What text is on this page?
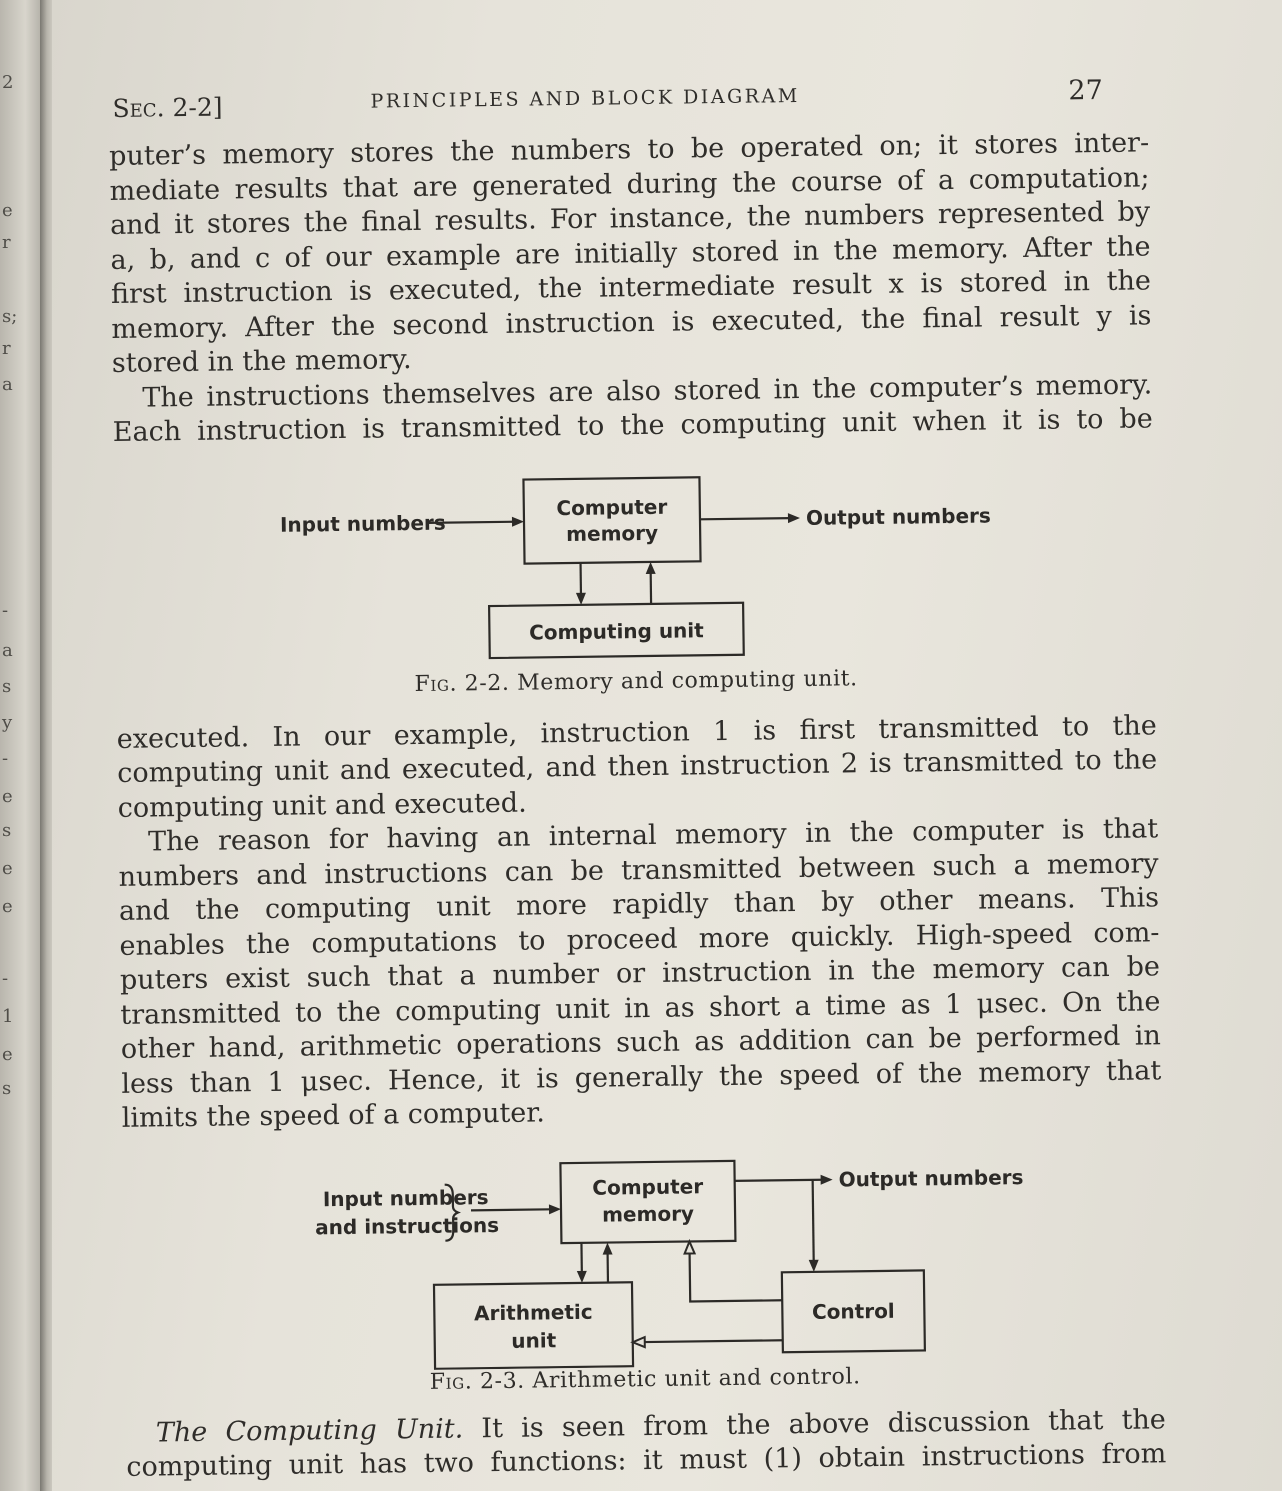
2
e
r
s;
r
a
-
a
s
y
-
e
s
e
e
-
1
e
s
Sec. 2-2]	PRINCIPLES AND BLOCK DIAGRAM	27

puter’s memory stores the numbers to be operated on; it stores inter-

mediate results that are generated during the course of a computation;

and it stores the final results. For instance, the numbers represented by

a, b, and c of our example are initially stored in the memory. After the

first instruction is executed, the intermediate result x is stored in the

memory. After the second instruction is executed, the final result y is

stored in the memory.

The instructions themselves are also stored in the computer’s memory.

Each instruction is transmitted to the computing unit when it is to be

Input numbers
Computer
memory
Output numbers
Computing unit

Fig. 2-2. Memory and computing unit.

executed. In our example, instruction 1 is first transmitted to the

computing unit and executed, and then instruction 2 is transmitted to the

computing unit and executed.

The reason for having an internal memory in the computer is that

numbers and instructions can be transmitted between such a memory

and the computing unit more rapidly than by other means. This

enables the computations to proceed more quickly. High-speed com-

puters exist such that a number or instruction in the memory can be

transmitted to the computing unit in as short a time as 1 μsec. On the

other hand, arithmetic operations such as addition can be performed in

less than 1 μsec. Hence, it is generally the speed of the memory that

limits the speed of a computer.

Input numbers
and instructions
Computer
memory
Output numbers
Arithmetic
unit
Control

Fig. 2-3. Arithmetic unit and control.

The Computing Unit. It is seen from the above discussion that the

computing unit has two functions: it must (1) obtain instructions from
